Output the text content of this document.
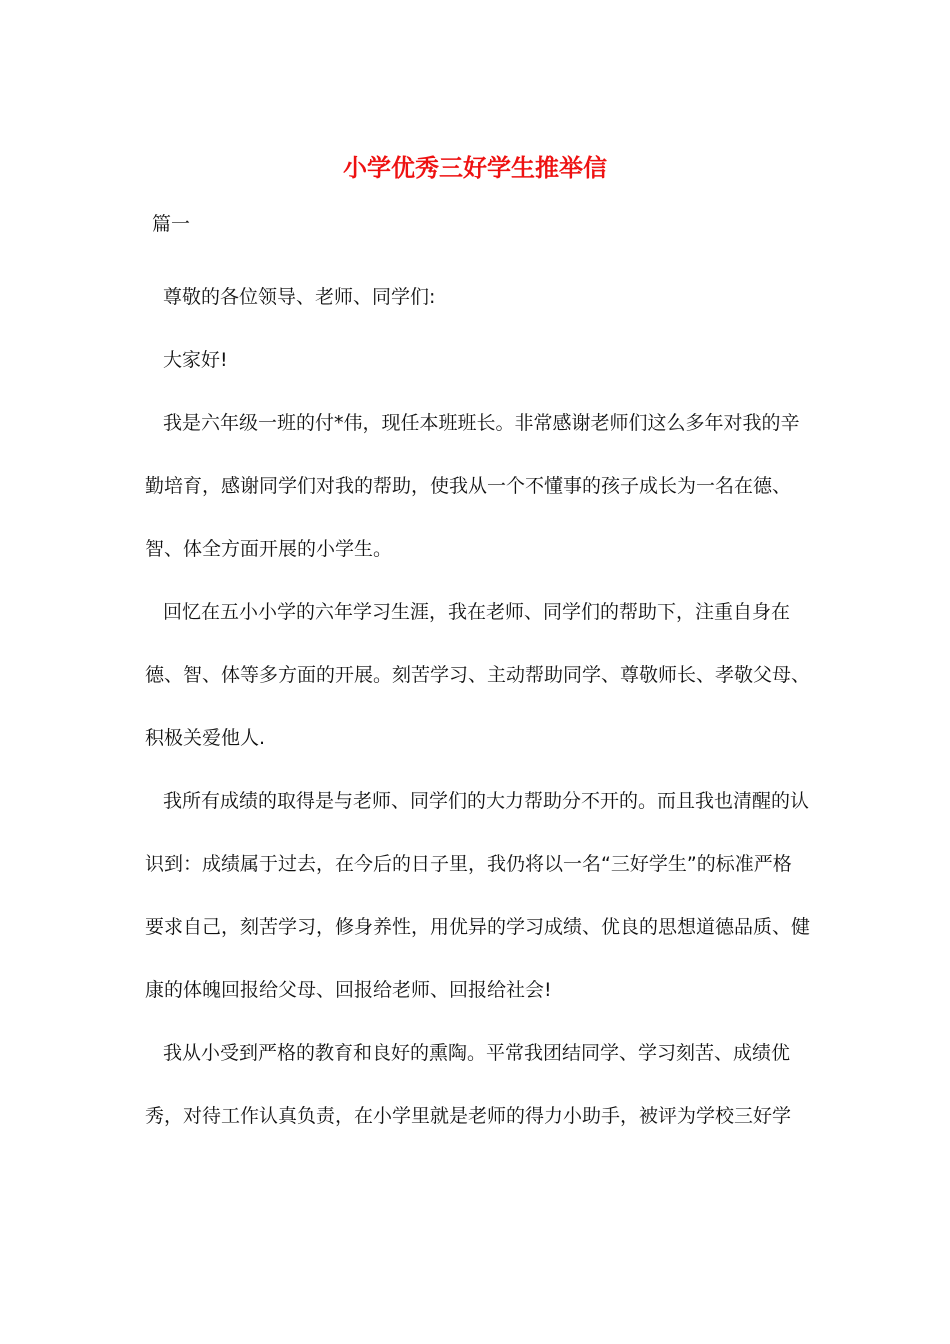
小学优秀三好学生推举信
篇一

尊敬的各位领导、老师、同学们:

大家好!

我是六年级一班的付*伟，现任本班班长。非常感谢老师们这么多年对我的辛勤培育，感谢同学们对我的帮助，使我从一个不懂事的孩子成长为一名在德、智、体全方面开展的小学生。

回忆在五小小学的六年学习生涯，我在老师、同学们的帮助下，注重自身在德、智、体等多方面的开展。刻苦学习、主动帮助同学、尊敬师长、孝敬父母、积极关爱他人.

我所有成绩的取得是与老师、同学们的大力帮助分不开的。而且我也清醒的认识到：成绩属于过去，在今后的日子里，我仍将以一名“三好学生”的标准严格要求自己，刻苦学习，修身养性，用优异的学习成绩、优良的思想道德品质、健康的体魄回报给父母、回报给老师、回报给社会!

我从小受到严格的教育和良好的熏陶。平常我团结同学、学习刻苦、成绩优秀，对待工作认真负责，在小学里就是老师的得力小助手，被评为学校三好学
